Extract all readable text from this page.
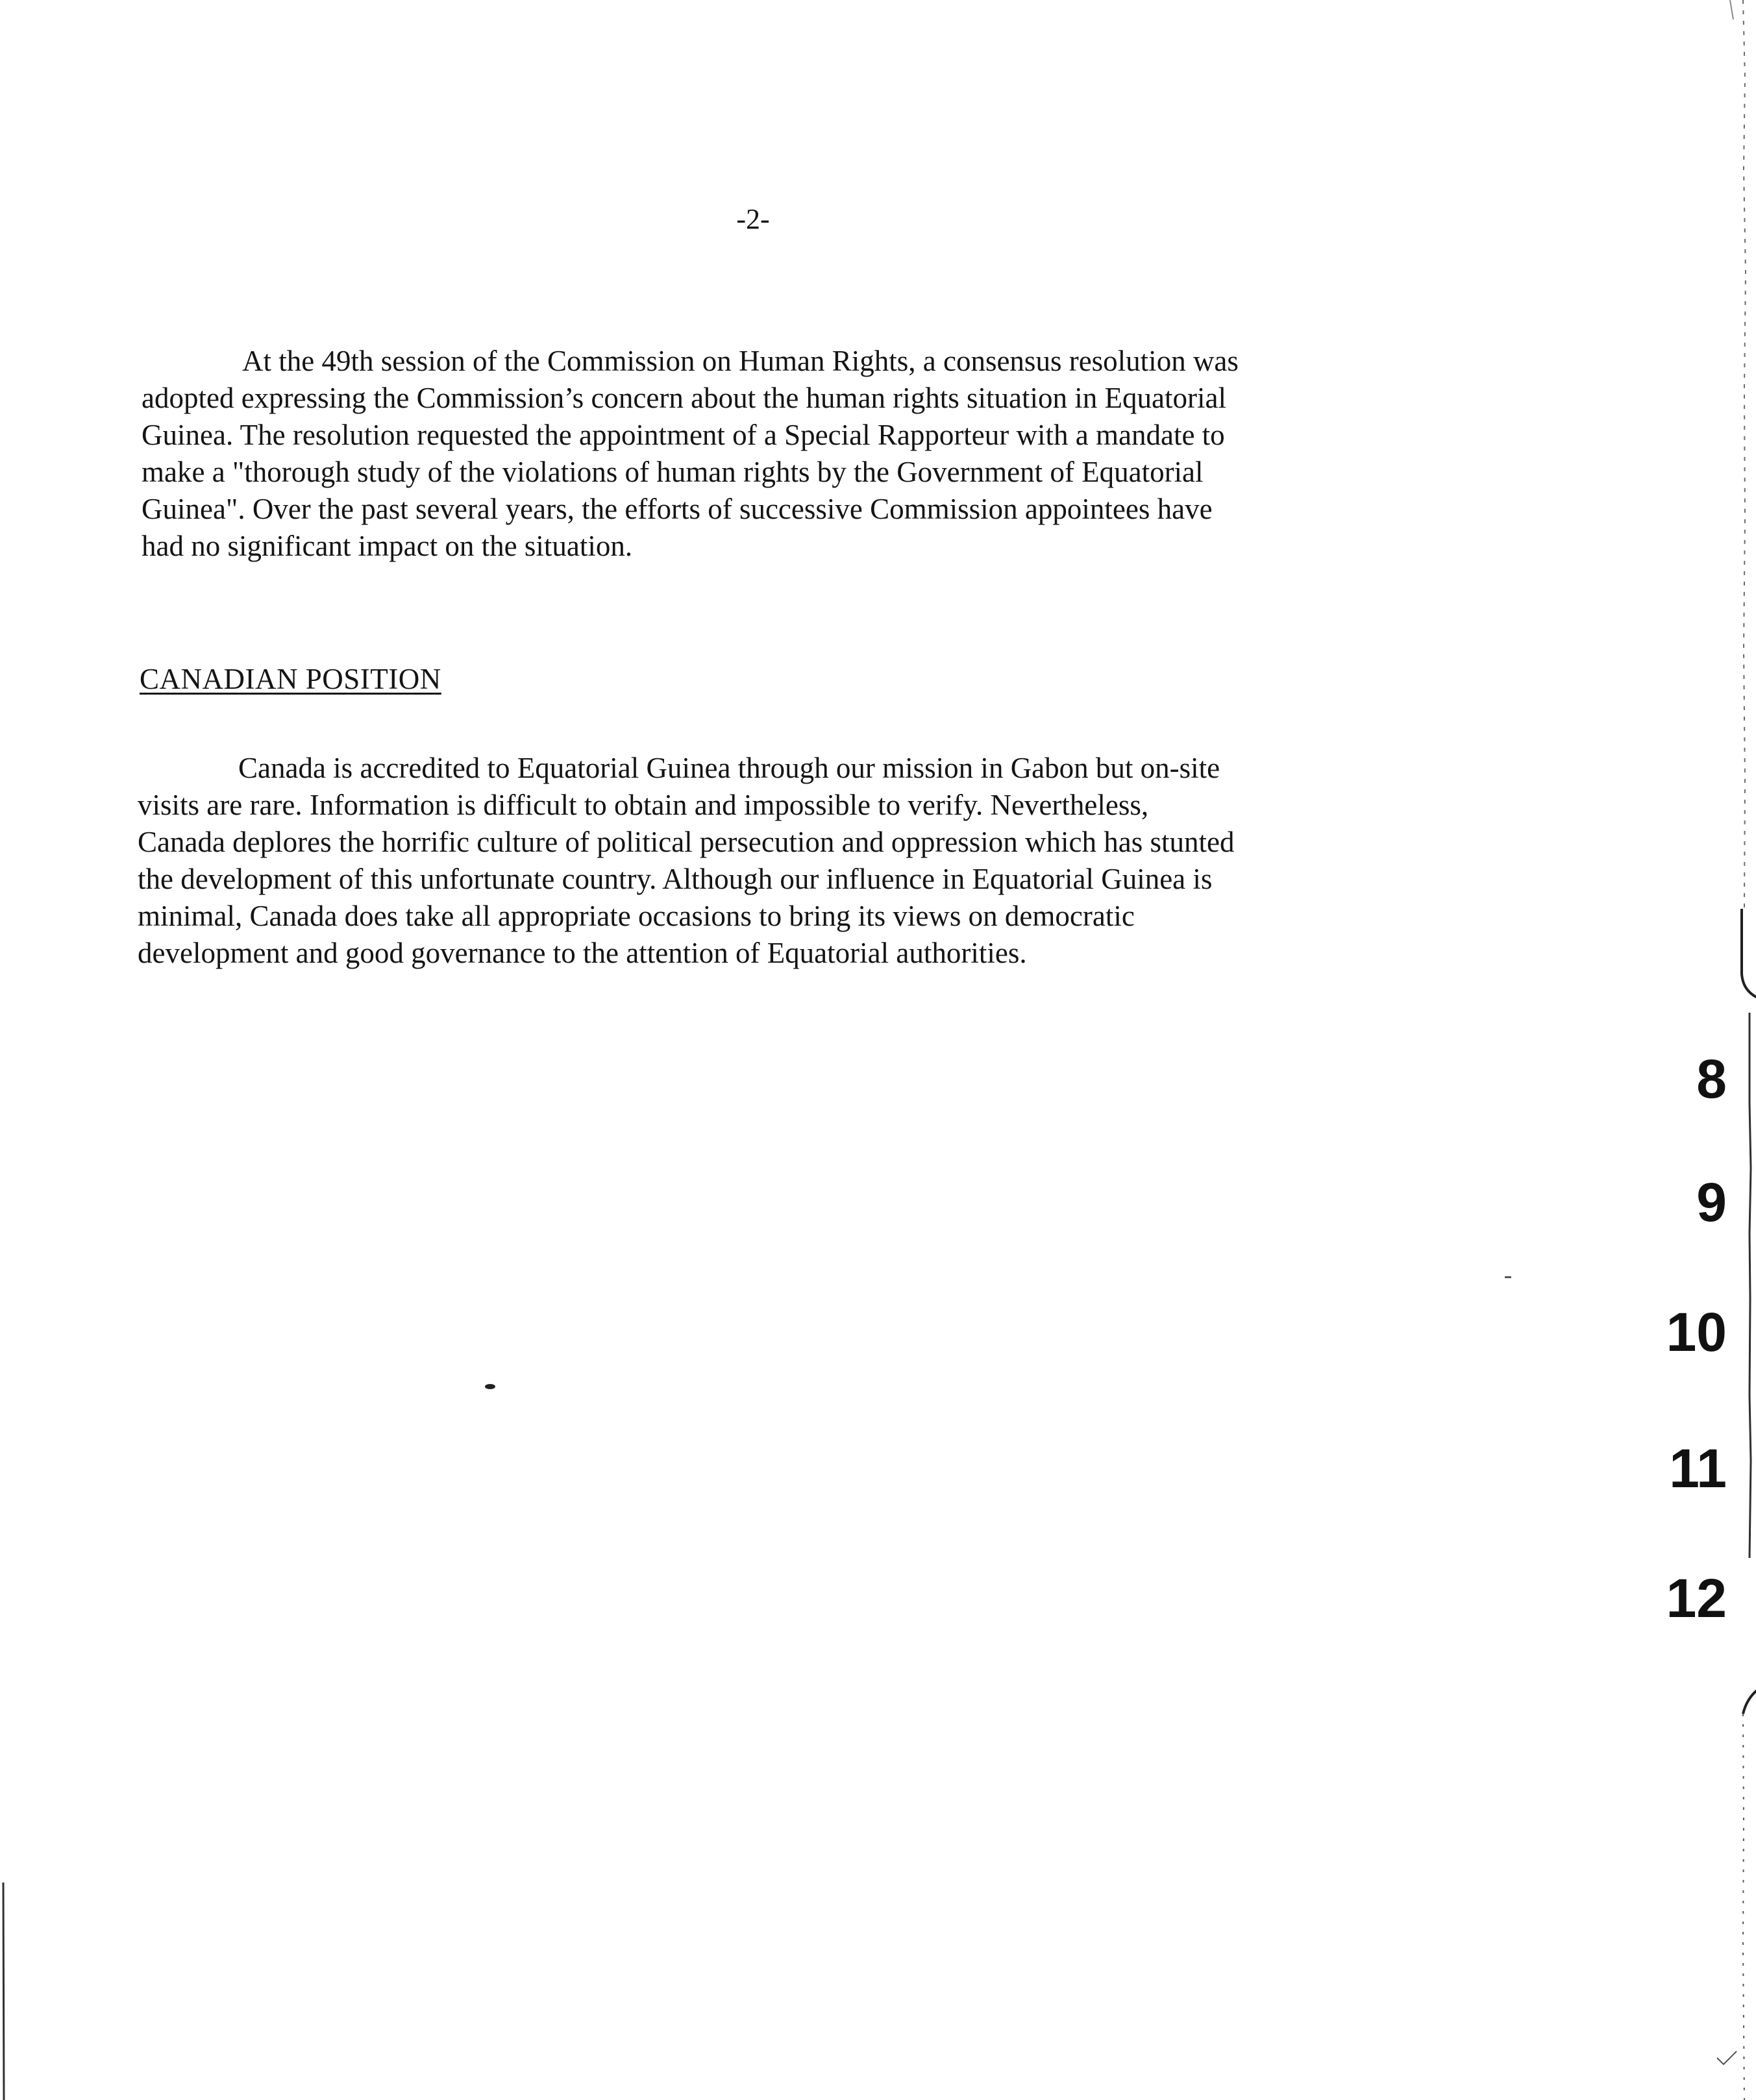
-2-

At the 49th session of the Commission on Human Rights, a consensus resolution was
adopted expressing the Commission’s concern about the human rights situation in Equatorial
Guinea. The resolution requested the appointment of a Special Rapporteur with a mandate to
make a "thorough study of the violations of human rights by the Government of Equatorial
Guinea". Over the past several years, the efforts of successive Commission appointees have
had no significant impact on the situation.

CANADIAN POSITION

Canada is accredited to Equatorial Guinea through our mission in Gabon but on-site
visits are rare. Information is difficult to obtain and impossible to verify. Nevertheless,
Canada deplores the horrific culture of political persecution and oppression which has stunted
the development of this unfortunate country. Although our influence in Equatorial Guinea is
minimal, Canada does take all appropriate occasions to bring its views on democratic
development and good governance to the attention of Equatorial authorities.

8
9
10
11
12
